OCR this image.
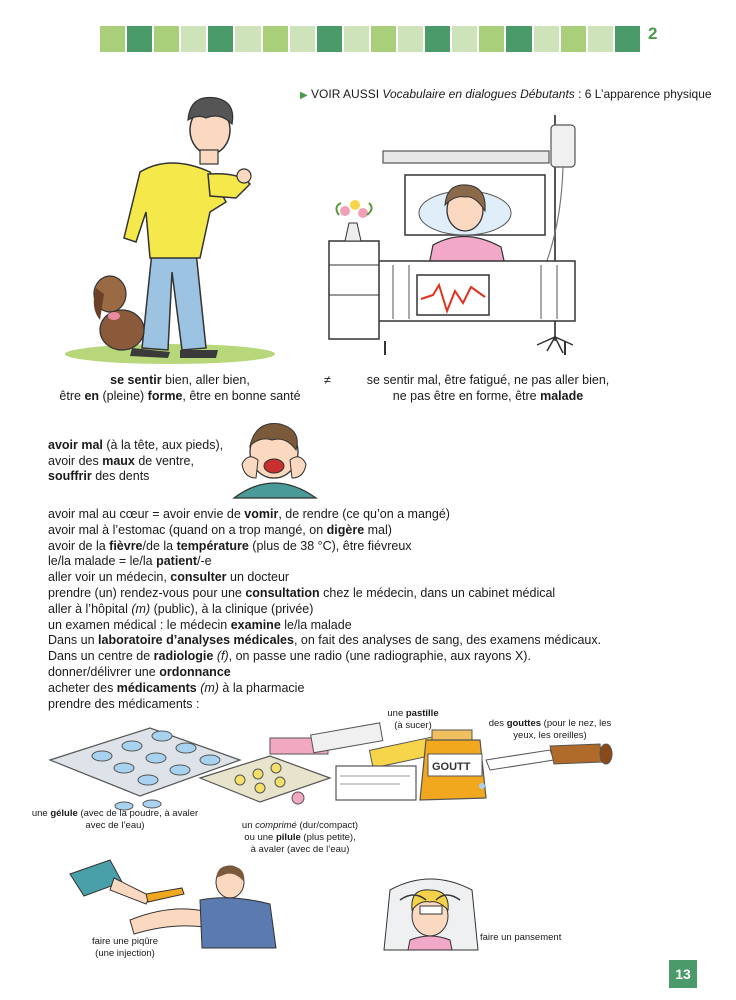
2
▶ VOIR AUSSI Vocabulaire en dialogues Débutants : 6 L’apparence physique
se sentir bien, aller bien,
être en (pleine) forme, être en bonne santé
≠	se sentir mal, être fatigué, ne pas aller bien,
ne pas être en forme, être malade
avoir mal (à la tête, aux pieds),
avoir des maux de ventre,
souffrir des dents
avoir mal au cœur = avoir envie de vomir, de rendre (ce qu’on a mangé)
avoir mal à l’estomac (quand on a trop mangé, on digère mal)
avoir de la fièvre/de la température (plus de 38 °C), être fiévreux
le/la malade = le/la patient/-e
aller voir un médecin, consulter un docteur
prendre (un) rendez-vous pour une consultation chez le médecin, dans un cabinet médical
aller à l’hôpital (m) (public), à la clinique (privée)
un examen médical : le médecin examine le/la malade
Dans un laboratoire d’analyses médicales, on fait des analyses de sang, des examens médicaux.
Dans un centre de radiologie (f), on passe une radio (une radiographie, aux rayons X).
donner/délivrer une ordonnance
acheter des médicaments (m) à la pharmacie
prendre des médicaments :
GOUTT
une pastille
(à sucer)	des gouttes (pour le nez, les
yeux, les oreilles)
une gélule (avec de la poudre, à avaler
avec de l’eau)	un comprimé (dur/compact)
ou une pilule (plus petite),
à avaler (avec de l’eau)
faire une piqûre
(une injection)
faire un pansement
13
